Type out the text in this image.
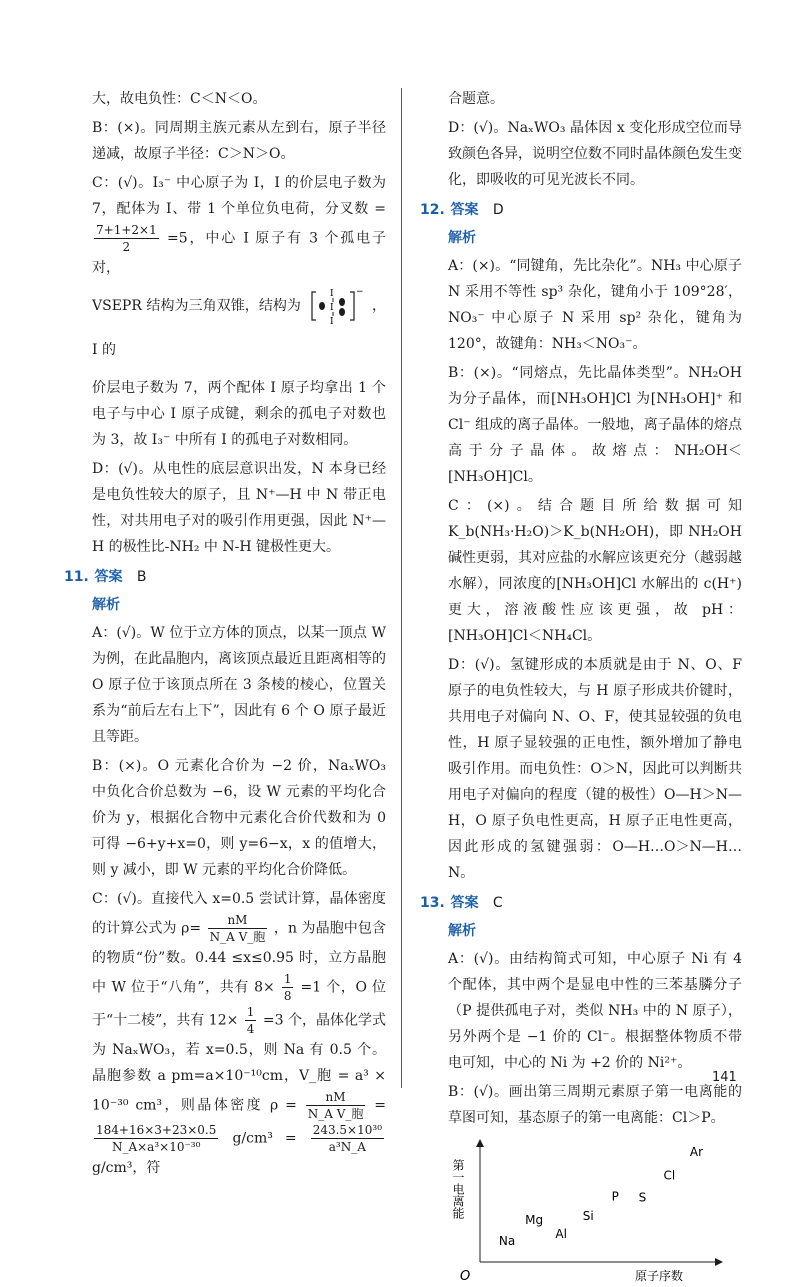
大，故电负性：C＜N＜O。

B：(×)。同周期主族元素从左到右，原子半径递减，故原子半径：C＞N＞O。

C：(√)。I₃⁻ 中心原子为 I，I 的价层电子数为 7，配体为 I、带 1 个单位负电荷，分叉数 =
$\frac{7+1+2\times 1}{2} =5$，中心 I 原子有 3 个孤电子对，

VSEPR 结构为三角双锥，结构为
I
I
I
−
，I 的

价层电子数为 7，两个配体 I 原子均拿出 1 个电子与中心 I 原子成键，剩余的孤电子对数也为 3，故 I₃⁻ 中所有 I 的孤电子对数相同。

D：(√)。从电性的底层意识出发，N 本身已经是电负性较大的原子，且 N⁺—H 中 N 带正电性，对共用电子对的吸引作用更强，因此 N⁺—H 的极性比-NH₂ 中 N-H 键极性更大。

11. 答案 B
解析

A：(√)。W 位于立方体的顶点，以某一顶点 W 为例，在此晶胞内，离该顶点最近且距离相等的 O 原子位于该顶点所在 3 条棱的棱心，位置关系为“前后左右上下”，因此有 6 个 O 原子最近且等距。

B：(×)。O 元素化合价为 −2 价，NaₓWO₃ 中负化合价总数为 −6，设 W 元素的平均化合价为 y，根据化合物中元素化合价代数和为 0 可得 −6+y+x=0，则 y=6−x，x 的值增大，则 y 减小，即 W 元素的平均化合价降低。

C：(√)。直接代入 x=0.5 尝试计算，晶体密度的计算公式为 $\rho= \frac{nM}{\text{N\_A V\_胞}}$ ，n 为晶胞中包含的物质“份”数。0.44 ≤x≤0.95 时，立方晶胞中 W 位于“八角”，共有 $8\times \frac{1}{8} =1$ 个，O 位于“十二棱”，共有 $12\times \frac{1}{4} =3$ 个，晶体化学式为 NaₓWO₃，若 x=0.5，则 Na 有 0.5 个。晶胞参数 a pm=a×10⁻¹⁰cm，V_胞 = a³ × 10⁻³⁰ cm³，则晶体密度 $\rho = \frac{nM}{\text{N\_A V\_胞}}$ =
$\frac{184+16\times 3+23\times 0.5}{\text{N\_A×a³×10⁻³⁰}} g/cm^3 = \frac{\text{243.5×10³⁰}}{\text{a³N\_A}}$
g/cm³，符

合题意。

D：(√)。NaₓWO₃ 晶体因 x 变化形成空位而导致颜色各异，说明空位数不同时晶体颜色发生变化，即吸收的可见光波长不同。

12. 答案 D
解析

A：(×)。“同键角，先比杂化”。NH₃ 中心原子 N 采用不等性 sp³ 杂化，键角小于 109°28′，NO₃⁻ 中心原子 N 采用 sp² 杂化，键角为 120°，故键角：NH₃＜NO₃⁻。

B：(×)。“同熔点，先比晶体类型”。NH₂OH 为分子晶体，而[NH₃OH]Cl 为[NH₃OH]⁺ 和 Cl⁻ 组成的离子晶体。一般地，离子晶体的熔点高于分子晶体。故熔点：NH₂OH＜[NH₃OH]Cl。

C：(×)。结合题目所给数据可知 K_b(NH₃·H₂O)＞K_b(NH₂OH)，即 NH₂OH 碱性更弱，其对应盐的水解应该更充分（越弱越水解），同浓度的[NH₃OH]Cl 水解出的 c(H⁺) 更大，溶液酸性应该更强，故 pH：[NH₃OH]Cl＜NH₄Cl。

D：(√)。氢键形成的本质就是由于 N、O、F 原子的电负性较大，与 H 原子形成共价键时，共用电子对偏向 N、O、F，使其显较强的负电性，H 原子显较强的正电性，额外增加了静电吸引作用。而电负性：O＞N，因此可以判断共用电子对偏向的程度（键的极性）O—H＞N—H，O 原子负电性更高，H 原子正电性更高，因此形成的氢键强弱：O—H…O＞N—H…N。

13. 答案 C
解析

A：(√)。由结构简式可知，中心原子 Ni 有 4 个配体，其中两个是显电中性的三苯基膦分子（P 提供孤电子对，类似 NH₃ 中的 N 原子），另外两个是 −1 价的 Cl⁻。根据整体物质不带电可知，中心的 Ni 为 +2 价的 Ni²⁺。

B：(√)。画出第三周期元素原子第一电离能的草图可知，基态原子的第一电离能：Cl＞P。

O	原子序数
第一电离能
Na
Mg
Al
Si
P S
Cl
Ar
141
